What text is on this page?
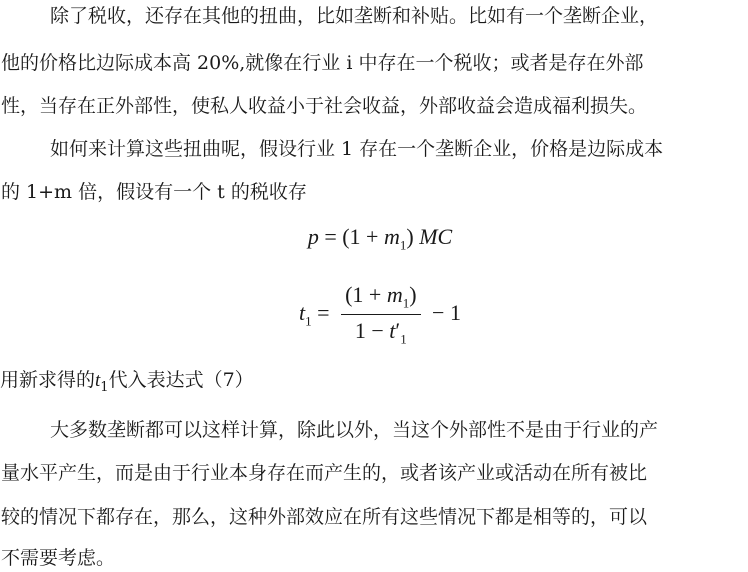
除了税收，还存在其他的扭曲，比如垄断和补贴。比如有一个垄断企业，
他的价格比边际成本高 20%,就像在行业 i 中存在一个税收；或者是存在外部
性，当存在正外部性，使私人收益小于社会收益，外部收益会造成福利损失。
如何来计算这些扭曲呢，假设行业 1 存在一个垄断企业，价格是边际成本
的 1+m 倍，假设有一个 t 的税收存
$p = (1 + m_1)$ MC
$t_1 = \frac{(1 + m_1)}{1 - t'_1} - 1$
用新求得的$t_1$代入表达式（7）
大多数垄断都可以这样计算，除此以外，当这个外部性不是由于行业的产
量水平产生，而是由于行业本身存在而产生的，或者该产业或活动在所有被比
较的情况下都存在，那么，这种外部效应在所有这些情况下都是相等的，可以
不需要考虑。
